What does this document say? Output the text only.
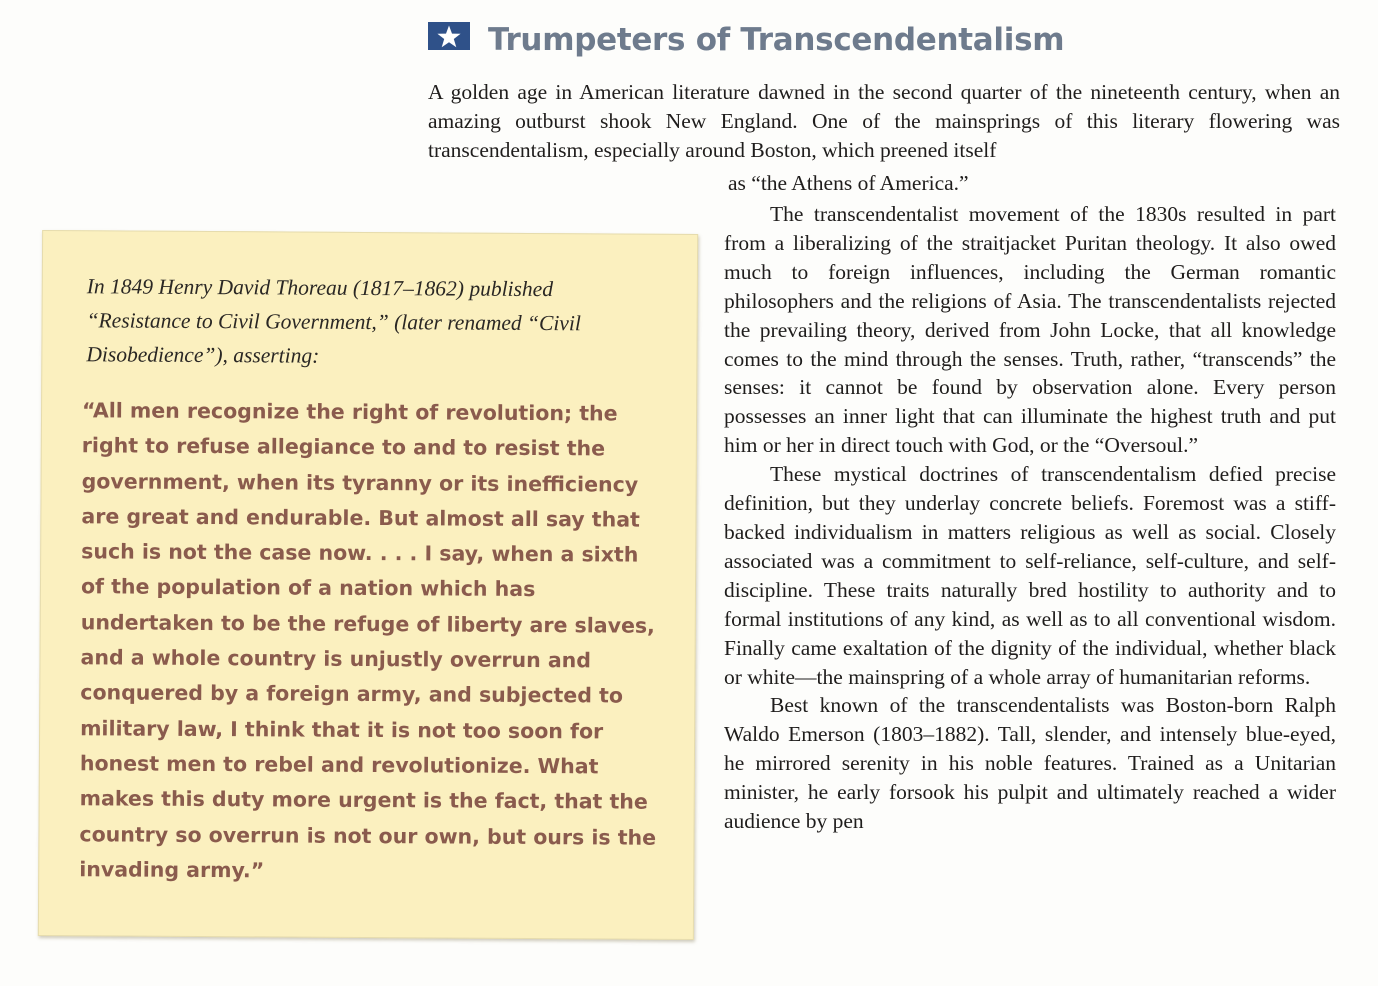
Trumpeters of Transcendentalism

A golden age in American literature dawned in the second quarter of the nineteenth century, when an amazing outburst shook New England. One of the mainsprings of this literary flowering was transcendentalism, especially around Boston, which preened itself

as “the Athens of America.”

The transcendentalist movement of the 1830s resulted in part from a liberalizing of the straitjacket Puritan theology. It also owed much to foreign influences, including the German romantic philosophers and the religions of Asia. The transcendentalists rejected the prevailing theory, derived from John Locke, that all knowledge comes to the mind through the senses. Truth, rather, “transcends” the senses: it cannot be found by observation alone. Every person possesses an inner light that can illuminate the highest truth and put him or her in direct touch with God, or the “Oversoul.”

These mystical doctrines of transcendentalism defied precise definition, but they underlay concrete beliefs. Foremost was a stiff-backed individualism in matters religious as well as social. Closely associated was a commitment to self-reliance, self-culture, and self-discipline. These traits naturally bred hostility to authority and to formal institutions of any kind, as well as to all conventional wisdom. Finally came exaltation of the dignity of the individual, whether black or white—the mainspring of a whole array of humanitarian reforms.

Best known of the transcendentalists was Boston-born Ralph Waldo Emerson (1803–1882). Tall, slender, and intensely blue-eyed, he mirrored serenity in his noble features. Trained as a Unitarian minister, he early forsook his pulpit and ultimately reached a wider audience by pen

In 1849 Henry David Thoreau (1817–1862) published “Resistance to Civil Government,” (later renamed “Civil Disobedience”), asserting:

“All men recognize the right of revolution; the right to refuse allegiance to and to resist the government, when its tyranny or its inefficiency are great and endurable. But almost all say that such is not the case now. . . . I say, when a sixth of the population of a nation which has undertaken to be the refuge of liberty are slaves, and a whole country is unjustly overrun and conquered by a foreign army, and subjected to military law, I think that it is not too soon for honest men to rebel and revolutionize. What makes this duty more urgent is the fact, that the country so overrun is not our own, but ours is the invading army.”
